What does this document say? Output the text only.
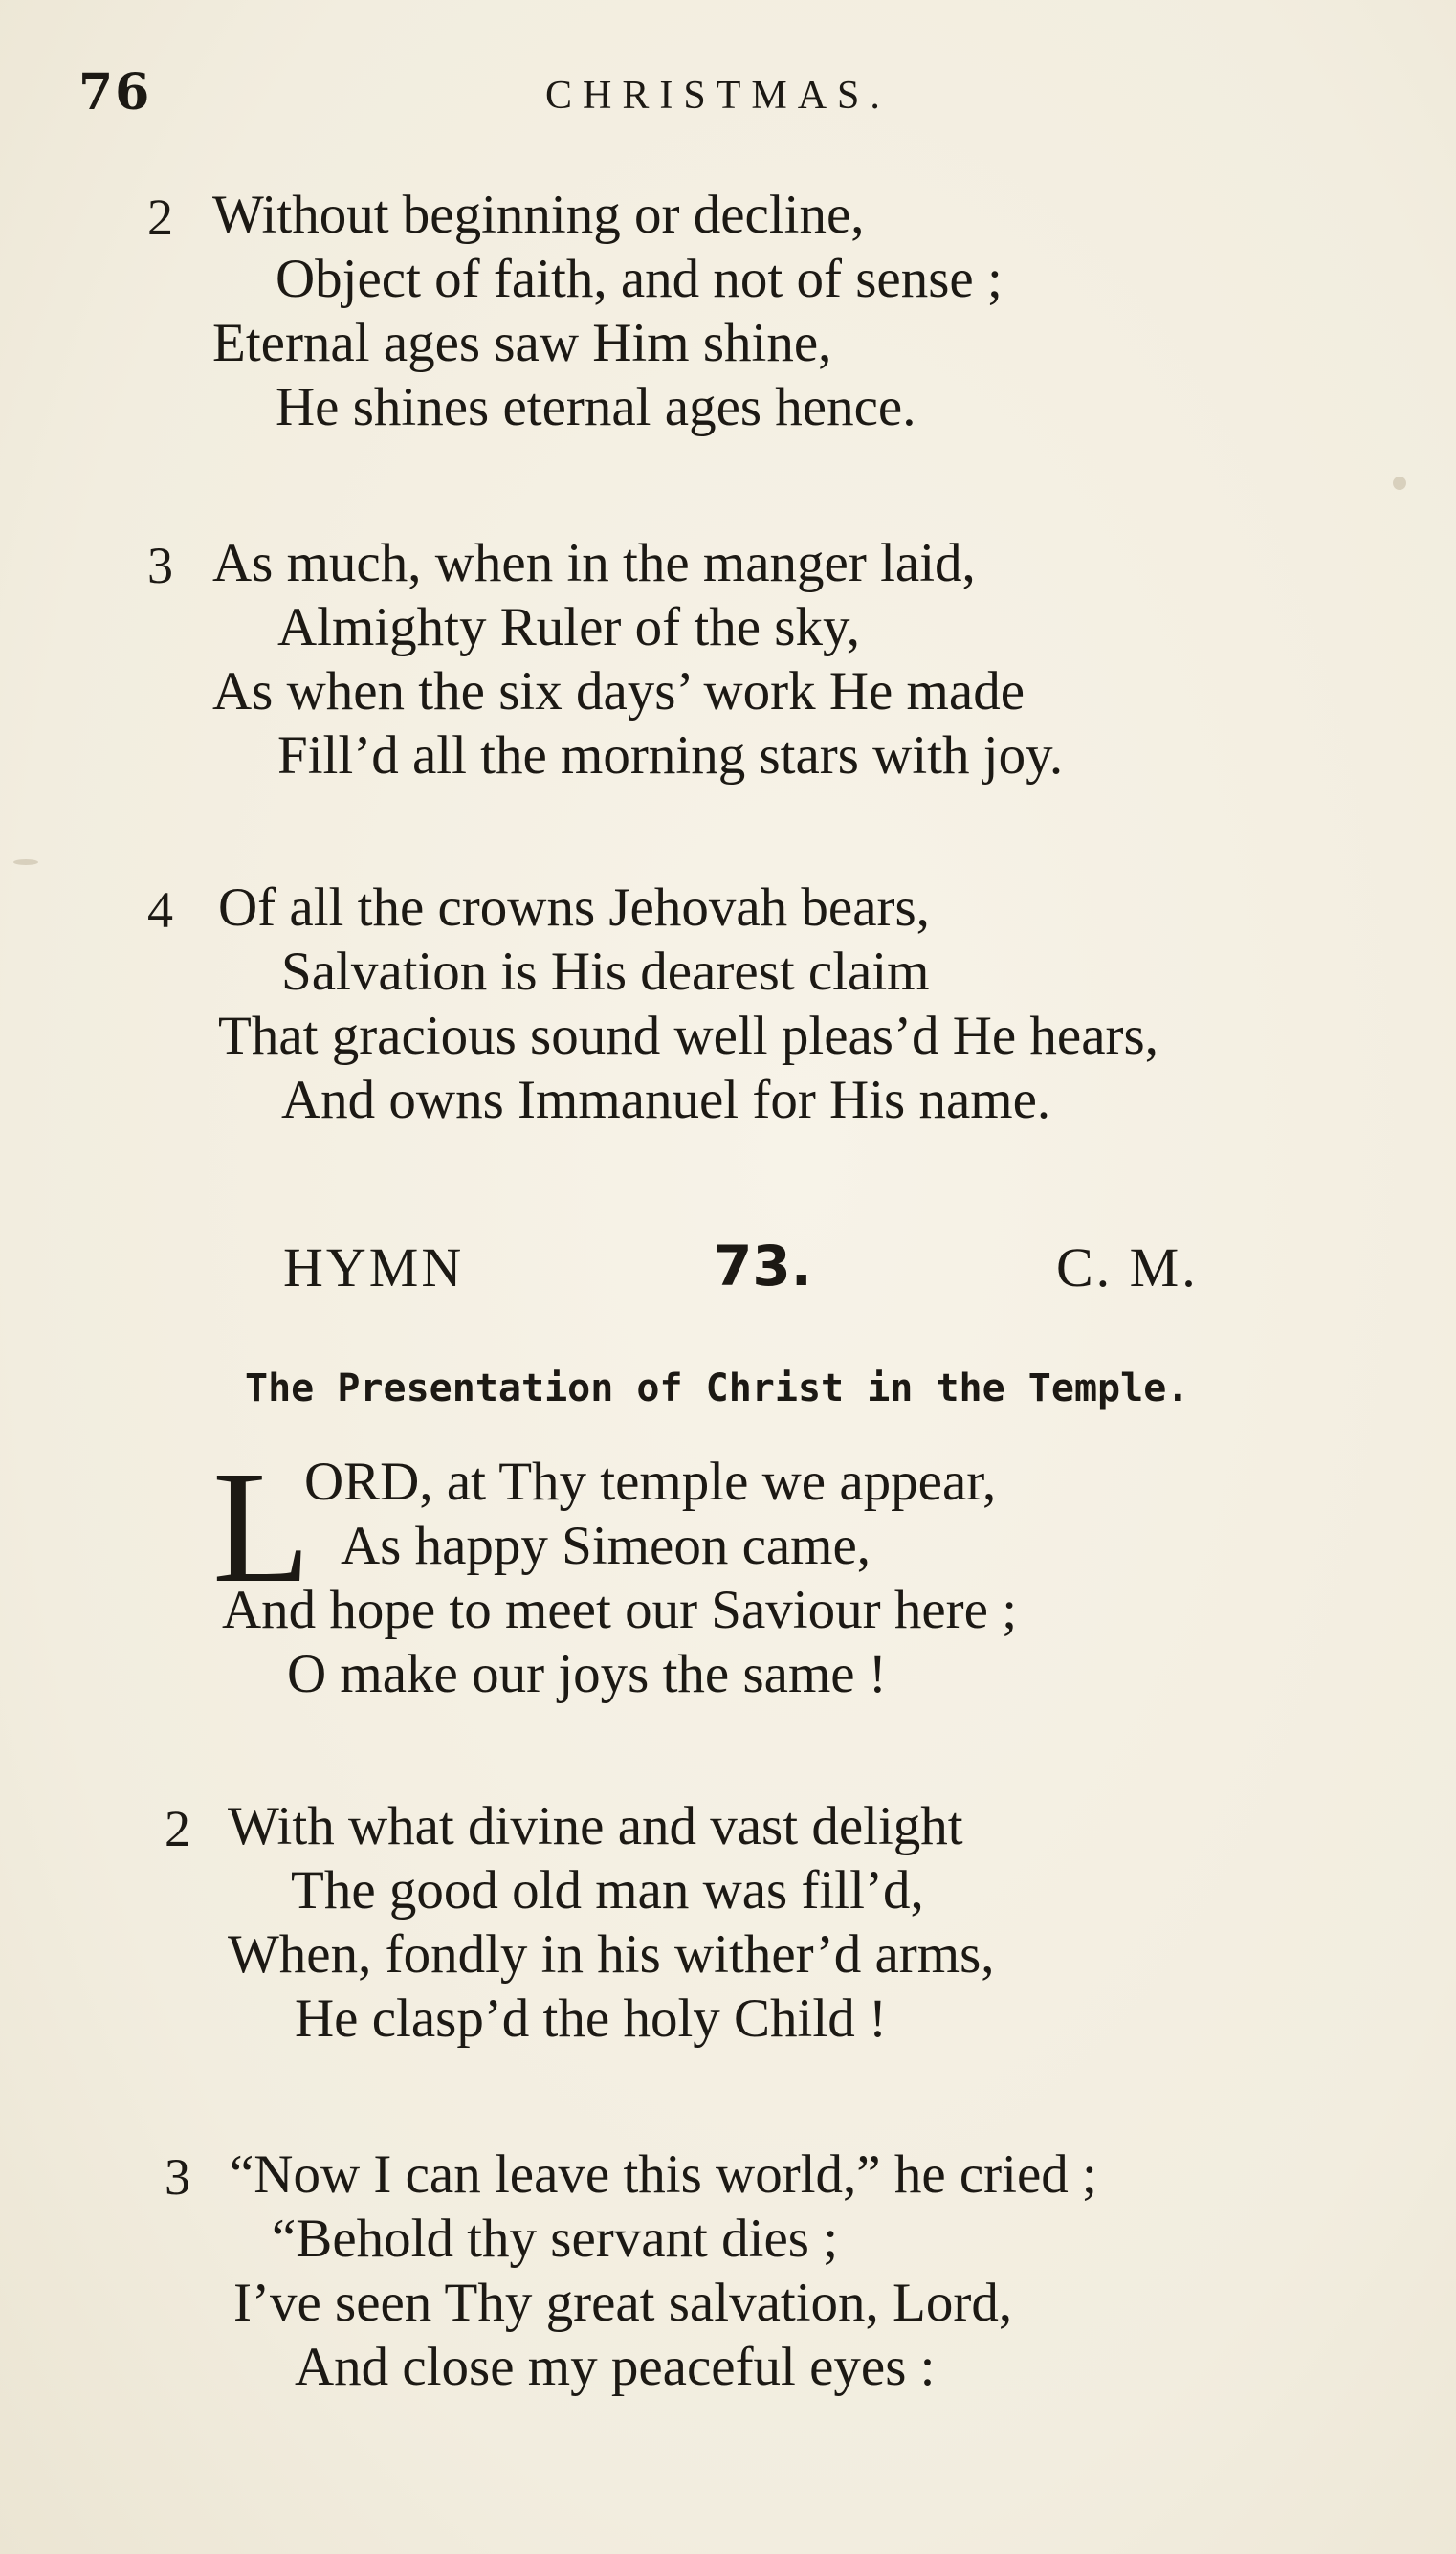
76	CHRISTMAS.
2 Without beginning or decline,
Object of faith, and not of sense ;
Eternal ages saw Him shine,
He shines eternal ages hence.
3 As much, when in the manger laid,
Almighty Ruler of the sky,
As when the six days’ work He made
Fill’d all the morning stars with joy.
4 Of all the crowns Jehovah bears,
Salvation is His dearest claim
That gracious sound well pleas’d He hears,
And owns Immanuel for His name.
HYMN	73.	C. M.
The Presentation of Christ in the Temple.
L
ORD, at Thy temple we appear,
As happy Simeon came,
And hope to meet our Saviour here ;
O make our joys the same !
2 With what divine and vast delight
The good old man was fill’d,
When, fondly in his wither’d arms,
He clasp’d the holy Child !
3 “Now I can leave this world,” he cried ;
“Behold thy servant dies ;
I’ve seen Thy great salvation, Lord,
And close my peaceful eyes :
